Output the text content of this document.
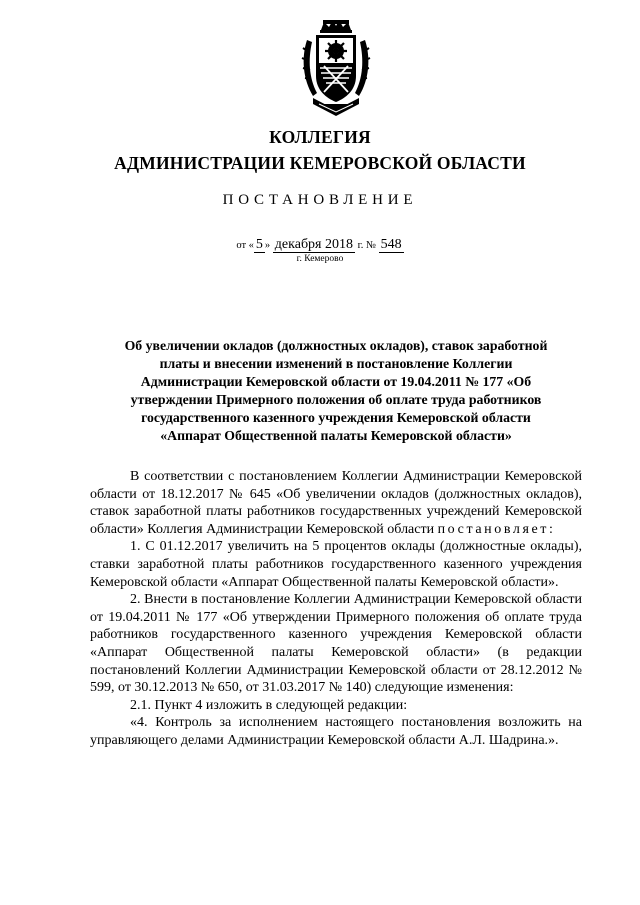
КОЛЛЕГИЯ
АДМИНИСТРАЦИИ КЕМЕРОВСКОЙ ОБЛАСТИ
ПОСТАНОВЛЕНИЕ
от « 5 » декабря 2018 г. № 548
г. Кемерово
Об увеличении окладов (должностных окладов), ставок заработной
платы и внесении изменений в постановление Коллегии
Администрации Кемеровской области от 19.04.2011 № 177 «Об
утверждении Примерного положения об оплате труда работников
государственного казенного учреждения Кемеровской области
«Аппарат Общественной палаты Кемеровской области»

В соответствии с постановлением Коллегии Администрации Кемеровской области от 18.12.2017 № 645 «Об увеличении окладов (должностных окладов), ставок заработной платы работников государственных учреждений Кемеровской области» Коллегия Администрации Кемеровской области постановляет:

1. С 01.12.2017 увеличить на 5 процентов оклады (должностные оклады), ставки заработной платы работников государственного казенного учреждения Кемеровской области «Аппарат Общественной палаты Кемеровской области».

2. Внести в постановление Коллегии Администрации Кемеровской области от 19.04.2011 № 177 «Об утверждении Примерного положения об оплате труда работников государственного казенного учреждения Кемеровской области «Аппарат Общественной палаты Кемеровской области» (в редакции постановлений Коллегии Администрации Кемеровской области от 28.12.2012 № 599, от 30.12.2013 № 650, от 31.03.2017 № 140) следующие изменения:

2.1. Пункт 4 изложить в следующей редакции:

«4. Контроль за исполнением настоящего постановления возложить на управляющего делами Администрации Кемеровской области А.Л. Шадрина.».
